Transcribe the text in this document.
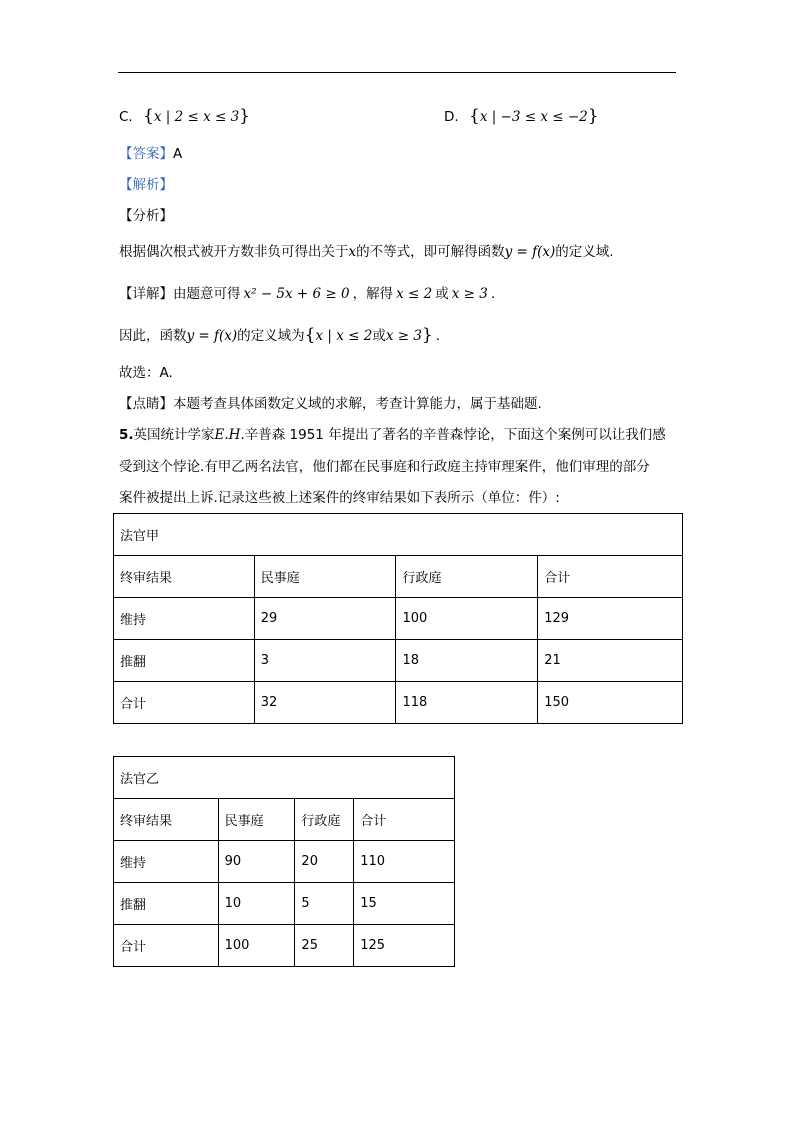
C. {x | 2 ≤ x ≤ 3}	D. {x | −3 ≤ x ≤ −2}
【答案】A
【解析】
【分析】
根据偶次根式被开方数非负可得出关于x的不等式，即可解得函数y = f(x)的定义域.
【详解】由题意可得 x² − 5x + 6 ≥ 0 ，解得 x ≤ 2 或 x ≥ 3 .
因此，函数y = f(x)的定义域为{x | x ≤ 2或x ≥ 3} .
故选：A.
【点睛】本题考查具体函数定义域的求解，考查计算能力，属于基础题.
5.英国统计学家E.H.辛普森 1951 年提出了著名的辛普森悖论，下面这个案例可以让我们感
受到这个悖论.有甲乙两名法官，他们都在民事庭和行政庭主持审理案件，他们审理的部分
案件被提出上诉.记录这些被上述案件的终审结果如下表所示（单位：件）:
法官甲			
终审结果	民事庭	行政庭	合计
维持	29	100	129
推翻	3	18	21
合计	32	118	150
法官乙			
终审结果	民事庭	行政庭	合计
维持	90	20	110
推翻	10	5	15
合计	100	25	125
